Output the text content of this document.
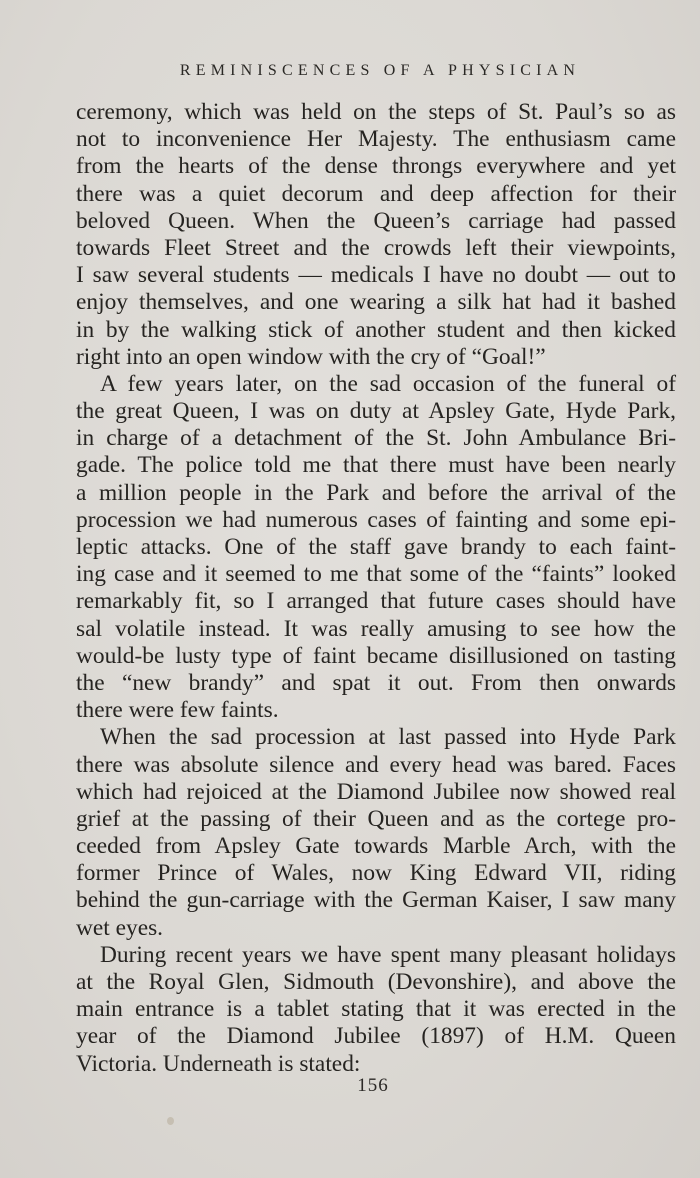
REMINISCENCES OF A PHYSICIAN
ceremony, which was held on the steps of St. Paul’s so as
not to inconvenience Her Majesty. The enthusiasm came
from the hearts of the dense throngs everywhere and yet
there was a quiet decorum and deep affection for their
beloved Queen. When the Queen’s carriage had passed
towards Fleet Street and the crowds left their viewpoints,
I saw several students — medicals I have no doubt — out to
enjoy themselves, and one wearing a silk hat had it bashed
in by the walking stick of another student and then kicked
right into an open window with the cry of “Goal!”
A few years later, on the sad occasion of the funeral of
the great Queen, I was on duty at Apsley Gate, Hyde Park,
in charge of a detachment of the St. John Ambulance Bri-
gade. The police told me that there must have been nearly
a million people in the Park and before the arrival of the
procession we had numerous cases of fainting and some epi-
leptic attacks. One of the staff gave brandy to each faint-
ing case and it seemed to me that some of the “faints” looked
remarkably fit, so I arranged that future cases should have
sal volatile instead. It was really amusing to see how the
would-be lusty type of faint became disillusioned on tasting
the “new brandy” and spat it out. From then onwards
there were few faints.
When the sad procession at last passed into Hyde Park
there was absolute silence and every head was bared. Faces
which had rejoiced at the Diamond Jubilee now showed real
grief at the passing of their Queen and as the cortege pro-
ceeded from Apsley Gate towards Marble Arch, with the
former Prince of Wales, now King Edward VII, riding
behind the gun-carriage with the German Kaiser, I saw many
wet eyes.
During recent years we have spent many pleasant holidays
at the Royal Glen, Sidmouth (Devonshire), and above the
main entrance is a tablet stating that it was erected in the
year of the Diamond Jubilee (1897) of H.M. Queen
Victoria. Underneath is stated:
156
